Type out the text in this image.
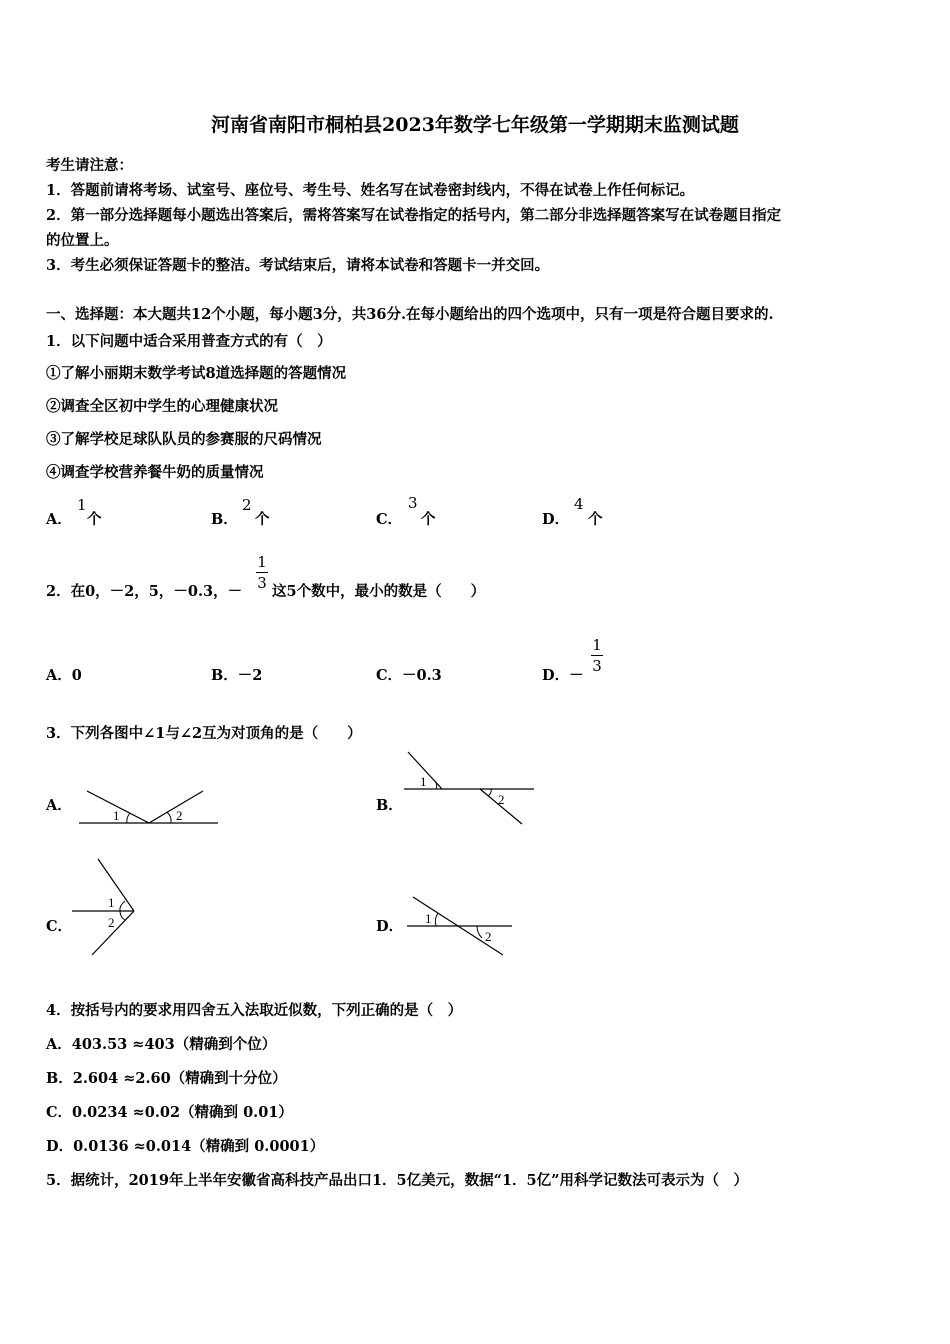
河南省南阳市桐柏县2023年数学七年级第一学期期末监测试题
考生请注意：
1．答题前请将考场、试室号、座位号、考生号、姓名写在试卷密封线内，不得在试卷上作任何标记。
2．第一部分选择题每小题选出答案后，需将答案写在试卷指定的括号内，第二部分非选择题答案写在试卷题目指定
的位置上。
3．考生必须保证答题卡的整洁。考试结束后，请将本试卷和答题卡一并交回。
一、选择题：本大题共12个小题，每小题3分，共36分.在每小题给出的四个选项中，只有一项是符合题目要求的.
1．以下问题中适合采用普查方式的有（　）
①了解小丽期末数学考试8道选择题的答题情况
②调查全区初中学生的心理健康状况
③了解学校足球队队员的参赛服的尺码情况
④调查学校营养餐牛奶的质量情况
A．
1
个	B．
2
个	C．
3
个	D．
4
个
2．在0，－2，5，－0.3，－
1
3 这5个数中，最小的数是（　　）
A．0	B．－2	C．－0.3	D．－
1
3
3．下列各图中∠1与∠2互为对顶角的是（　　）
A．	B．
C．	D．
1	2
1
2
1
2	1
2
4．按括号内的要求用四舍五入法取近似数，下列正确的是（　）
A．403.53 ≈403（精确到个位）
B．2.604 ≈2.60（精确到十分位）
C．0.0234 ≈0.02（精确到 0.01）
D．0.0136 ≈0.014（精确到 0.0001）
5．据统计，2019年上半年安徽省高科技产品出口1．5亿美元，数据“1．5亿”用科学记数法可表示为（　）
